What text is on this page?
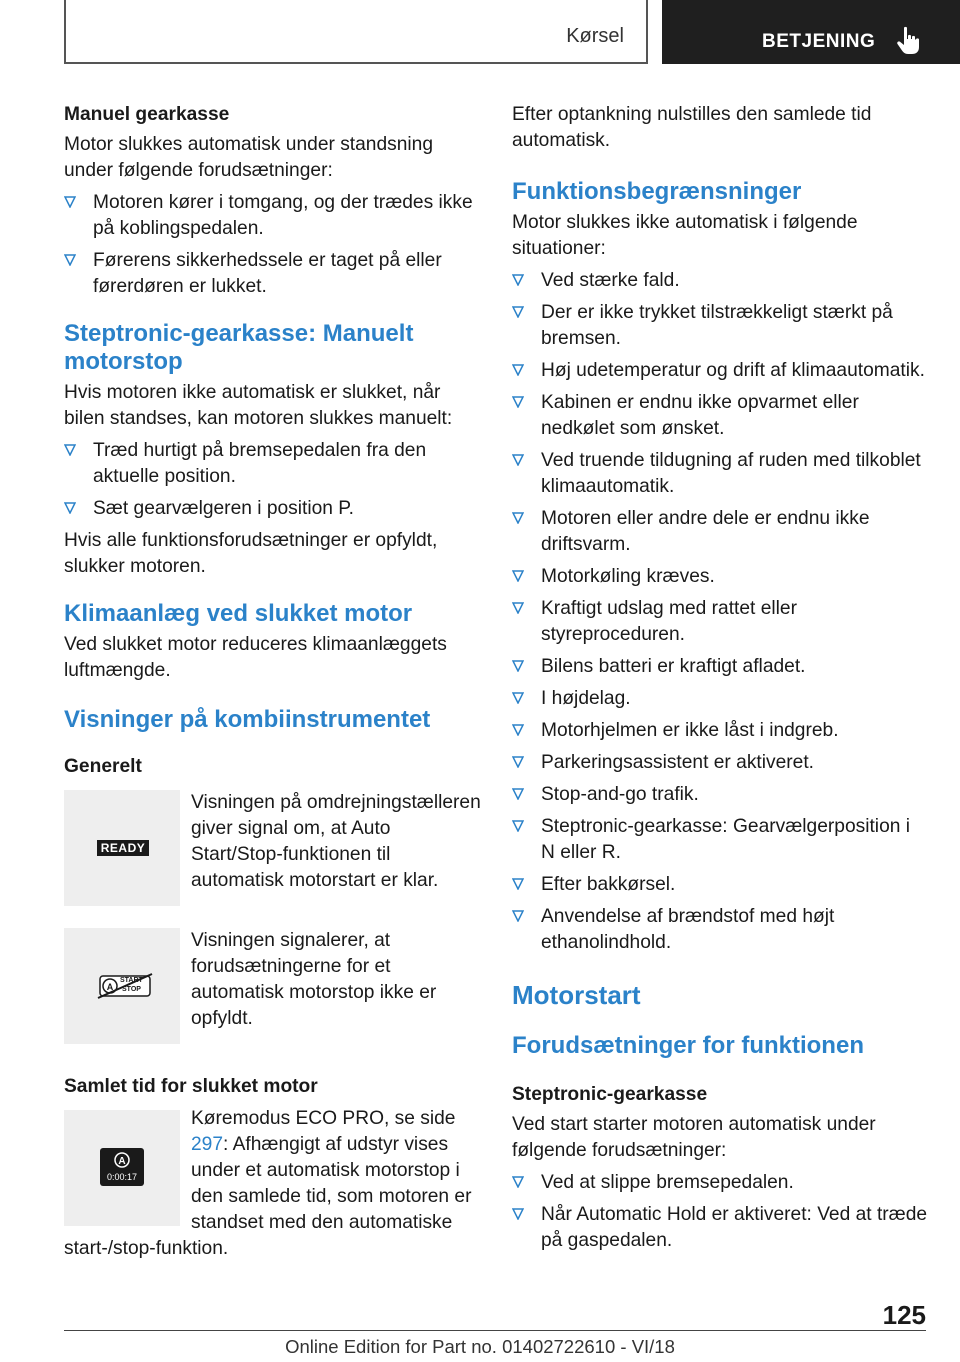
Kørsel	BETJENING

Manuel gearkasse

Motor slukkes automatisk under standsning under følgende forudsætninger:

Motoren kører i tomgang, og der trædes ikke på koblingspedalen.
Førerens sikkerhedssele er taget på eller førerdøren er lukket.
Steptronic-gearkasse: Manuelt motorstop

Hvis motoren ikke automatisk er slukket, når bilen standses, kan motoren slukkes manuelt:

Træd hurtigt på bremsepedalen fra den aktuelle position.
Sæt gearvælgeren i position P.

Hvis alle funktionsforudsætninger er opfyldt, slukker motoren.

Klimaanlæg ved slukket motor

Ved slukket motor reduceres klimaanlæggets luftmængde.

Visninger på kombiinstrumentet

Generelt

READY
Visningen på omdrejningstælleren giver signal om, at Auto Start/Stop-funktionen til automatisk motorstart er klar.
A
START
STOP
Visningen signalerer, at forudsætningerne for et automatisk motorstop ikke er opfyldt.

Samlet tid for slukket motor

A
0:00:17
Køremodus ECO PRO, se side 297: Afhængigt af udstyr vises under et automatisk motorstop i den samlede tid, som motoren er standset med den automatiske start-/stop-funktion.

Efter optankning nulstilles den samlede tid automatisk.

Funktionsbegrænsninger

Motor slukkes ikke automatisk i følgende situationer:

Ved stærke fald.
Der er ikke trykket tilstrækkeligt stærkt på bremsen.
Høj udetemperatur og drift af klimaautomatik.
Kabinen er endnu ikke opvarmet eller nedkølet som ønsket.
Ved truende tildugning af ruden med tilkoblet klimaautomatik.
Motoren eller andre dele er endnu ikke driftsvarm.
Motorkøling kræves.
Kraftigt udslag med rattet eller styreproceduren.
Bilens batteri er kraftigt afladet.
I højdelag.
Motorhjelmen er ikke låst i indgreb.
Parkeringsassistent er aktiveret.
Stop-and-go trafik.
Steptronic-gearkasse: Gearvælgerposition i N eller R.
Efter bakkørsel.
Anvendelse af brændstof med højt ethanolindhold.
Motorstart
Forudsætninger for funktionen

Steptronic-gearkasse

Ved start starter motoren automatisk under følgende forudsætninger:

Ved at slippe bremsepedalen.
Når Automatic Hold er aktiveret: Ved at træde på gaspedalen.
125
Online Edition for Part no. 01402722610 - VI/18
